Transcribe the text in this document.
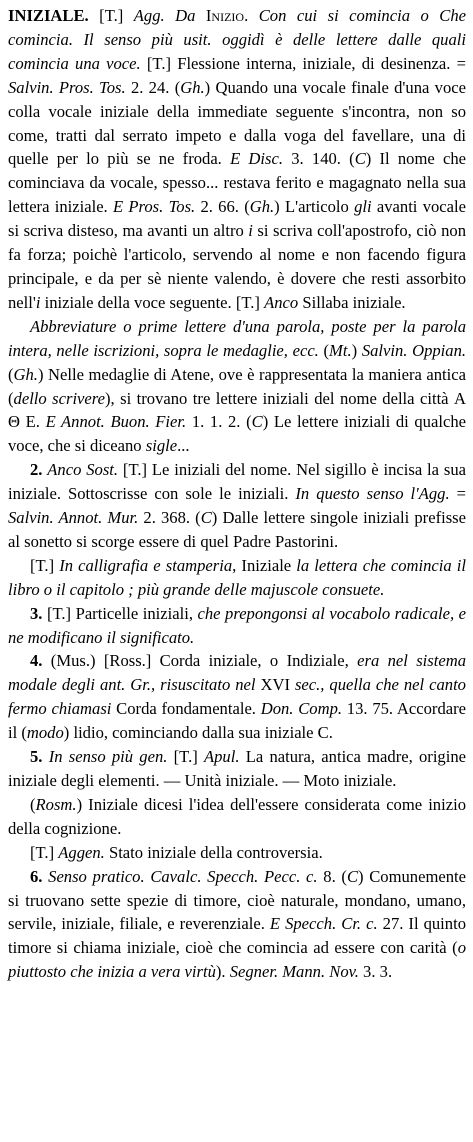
INIZIALE. [T.] Agg. Da Inizio. Con cui si comincia o Che comincia. Il senso più usit. oggidì è delle lettere dalle quali comincia una voce. [T.] Flessione interna, iniziale, di desinenza. = Salvin. Pros. Tos. 2. 24. (Gh.) Quando una vocale finale d'una voce colla vocale iniziale della immediate seguente s'incontra, non so come, tratti dal serrato impeto e dalla voga del favellare, una di quelle per lo più se ne froda. E Disc. 3. 140. (C) Il nome che cominciava da vocale, spesso... restava ferito e magagnato nella sua lettera iniziale. E Pros. Tos. 2. 66. (Gh.) L'articolo gli avanti vocale si scriva disteso, ma avanti un altro i si scriva coll'apostrofo, ciò non fa forza; poichè l'articolo, servendo al nome e non facendo figura principale, e da per sè niente valendo, è dovere che resti assorbito nell'i iniziale della voce seguente. [T.] Anco Sillaba iniziale.

Abbreviature o prime lettere d'una parola, poste per la parola intera, nelle iscrizioni, sopra le medaglie, ecc. (Mt.) Salvin. Oppian. (Gh.) Nelle medaglie di Atene, ove è rappresentata la maniera antica (dello scrivere), si trovano tre lettere iniziali del nome della città Α Θ Ε. E Annot. Buon. Fier. 1. 1. 2. (C) Le lettere iniziali di qualche voce, che si diceano sigle...

2. Anco Sost. [T.] Le iniziali del nome. Nel sigillo è incisa la sua iniziale. Sottoscrisse con sole le iniziali. In questo senso l'Agg. = Salvin. Annot. Mur. 2. 368. (C) Dalle lettere singole iniziali prefisse al sonetto si scorge essere di quel Padre Pastorini.

[T.] In calligrafia e stamperia, Iniziale la lettera che comincia il libro o il capitolo ; più grande delle majuscole consuete.

3. [T.] Particelle iniziali, che prepongonsi al vocabolo radicale, e ne modificano il significato.

4. (Mus.) [Ross.] Corda iniziale, o Indiziale, era nel sistema modale degli ant. Gr., risuscitato nel XVI sec., quella che nel canto fermo chiamasi Corda fondamentale. Don. Comp. 13. 75. Accordare il (modo) lidio, cominciando dalla sua iniziale C.

5. In senso più gen. [T.] Apul. La natura, antica madre, origine iniziale degli elementi. — Unità iniziale. — Moto iniziale.

(Rosm.) Iniziale dicesi l'idea dell'essere considerata come inizio della cognizione.

[T.] Aggen. Stato iniziale della controversia.

6. Senso pratico. Cavalc. Specch. Pecc. c. 8. (C) Comunemente si truovano sette spezie di timore, cioè naturale, mondano, umano, servile, iniziale, filiale, e reverenziale. E Specch. Cr. c. 27. Il quinto timore si chiama iniziale, cioè che comincia ad essere con carità (o piuttosto che inizia a vera virtù). Segner. Mann. Nov. 3. 3.
